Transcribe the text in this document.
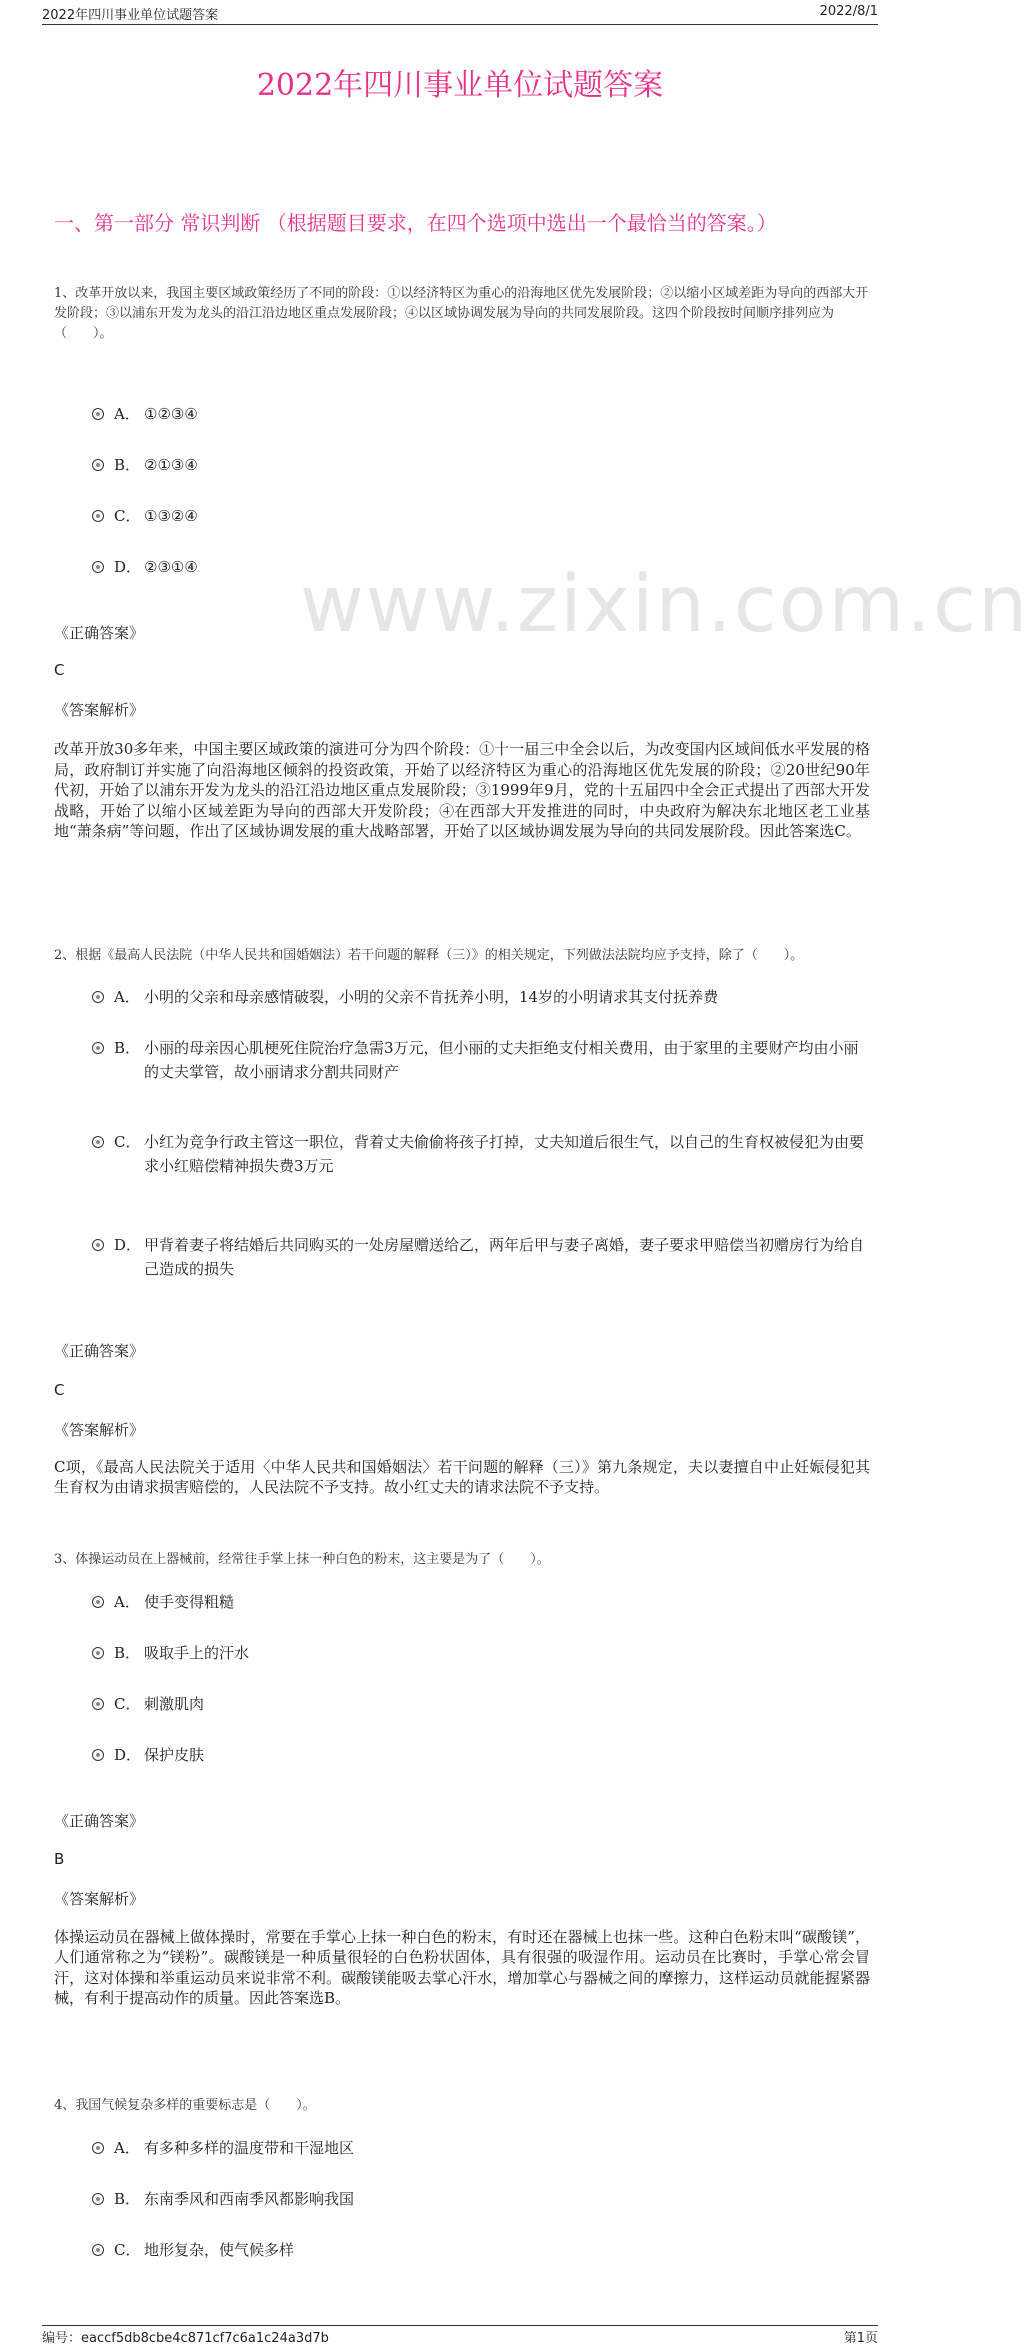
www.zixin.com.cn
2022年四川事业单位试题答案	2022/8/1
2022年四川事业单位试题答案
一、第一部分 常识判断 （根据题目要求，在四个选项中选出一个最恰当的答案。）
1、改革开放以来，我国主要区域政策经历了不同的阶段：①以经济特区为重心的沿海地区优先发展阶段；②以缩小区域差距为导向的西部大开发阶段；③以浦东开发为龙头的沿江沿边地区重点发展阶段；④以区域协调发展为导向的共同发展阶段。这四个阶段按时间顺序排列应为（　　）。
A． ①②③④
B． ②①③④
C． ①③②④
D． ②③①④
《正确答案》
C
《答案解析》
改革开放30多年来，中国主要区域政策的演进可分为四个阶段：①十一届三中全会以后，为改变国内区域间低水平发展的格局，政府制订并实施了向沿海地区倾斜的投资政策，开始了以经济特区为重心的沿海地区优先发展的阶段；②20世纪90年代初，开始了以浦东开发为龙头的沿江沿边地区重点发展阶段；③1999年9月，党的十五届四中全会正式提出了西部大开发战略，开始了以缩小区域差距为导向的西部大开发阶段；④在西部大开发推进的同时，中央政府为解决东北地区老工业基地“萧条病”等问题，作出了区域协调发展的重大战略部署，开始了以区域协调发展为导向的共同发展阶段。因此答案选C。
2、根据《最高人民法院（中华人民共和国婚姻法）若干问题的解释（三）》的相关规定，下列做法法院均应予支持，除了（　　）。
A． 小明的父亲和母亲感情破裂，小明的父亲不肯抚养小明，14岁的小明请求其支付抚养费
B． 小丽的母亲因心肌梗死住院治疗急需3万元，但小丽的丈夫拒绝支付相关费用，由于家里的主要财产均由小丽的丈夫掌管，故小丽请求分割共同财产
C． 小红为竞争行政主管这一职位，背着丈夫偷偷将孩子打掉，丈夫知道后很生气，以自己的生育权被侵犯为由要求小红赔偿精神损失费3万元
D． 甲背着妻子将结婚后共同购买的一处房屋赠送给乙，两年后甲与妻子离婚，妻子要求甲赔偿当初赠房行为给自己造成的损失
《正确答案》
C
《答案解析》
C项，《最高人民法院关于适用〈中华人民共和国婚姻法〉若干问题的解释（三）》第九条规定，夫以妻擅自中止妊娠侵犯其生育权为由请求损害赔偿的，人民法院不予支持。故小红丈夫的请求法院不予支持。
3、体操运动员在上器械前，经常往手掌上抹一种白色的粉末，这主要是为了（　　）。
A． 使手变得粗糙
B． 吸取手上的汗水
C． 刺激肌肉
D． 保护皮肤
《正确答案》
B
《答案解析》
体操运动员在器械上做体操时，常要在手掌心上抹一种白色的粉末，有时还在器械上也抹一些。这种白色粉末叫“碳酸镁”，人们通常称之为“镁粉”。碳酸镁是一种质量很轻的白色粉状固体，具有很强的吸湿作用。运动员在比赛时，手掌心常会冒汗，这对体操和举重运动员来说非常不利。碳酸镁能吸去掌心汗水，增加掌心与器械之间的摩擦力，这样运动员就能握紧器械，有利于提高动作的质量。因此答案选B。
4、我国气候复杂多样的重要标志是（　　）。
A． 有多种多样的温度带和干湿地区
B． 东南季风和西南季风都影响我国
C． 地形复杂，使气候多样
编号：eaccf5db8cbe4c871cf7c6a1c24a3d7b	第1页
